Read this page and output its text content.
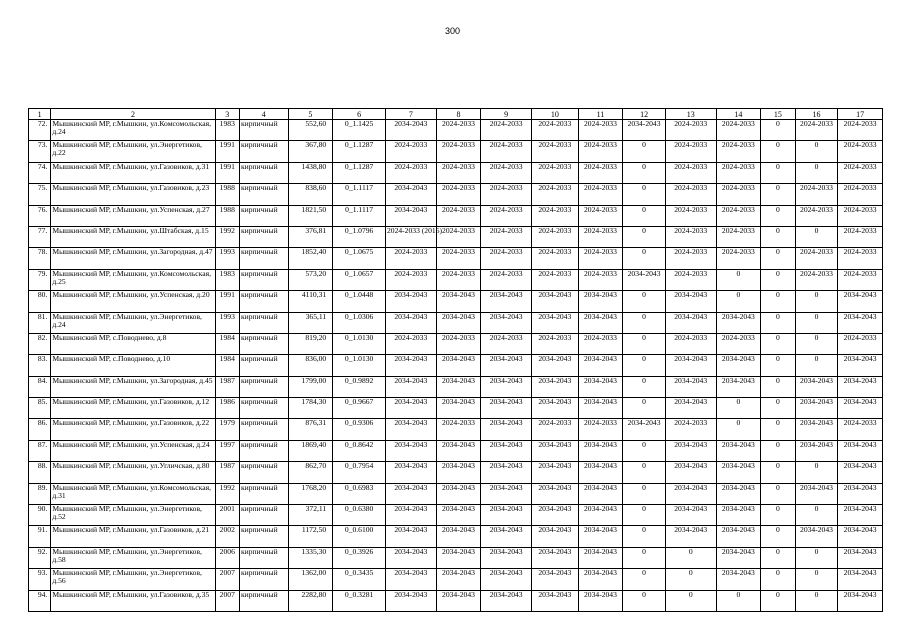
300
1	2	3	4	5	6	7	8	9	10	11	12	13	14	15	16	17
72.	Мышкинский МР, г.Мышкин, ул.Комсомольская, д.24	1983	кирпичный	552,60	0_1.1425	2034-2043	2024-2033	2024-2033	2024-2033	2024-2033	2034-2043	2024-2033	2024-2033	0	2024-2033	2024-2033
73.	Мышкинский МР, г.Мышкин, ул.Энергетиков, д.22	1991	кирпичный	367,80	0_1.1287	2024-2033	2024-2033	2024-2033	2024-2033	2024-2033	0	2024-2033	2024-2033	0	0	2024-2033
74.	Мышкинский МР, г.Мышкин, ул.Газовиков, д.31	1991	кирпичный	1438,80	0_1.1287	2024-2033	2024-2033	2024-2033	2024-2033	2024-2033	0	2024-2033	2024-2033	0	0	2024-2033
75.	Мышкинский МР, г.Мышкин, ул.Газовиков, д.23	1988	кирпичный	838,60	0_1.1117	2034-2043	2024-2033	2024-2033	2024-2033	2024-2033	0	2024-2033	2024-2033	0	2024-2033	2024-2033
76.	Мышкинский МР, г.Мышкин, ул.Успенская, д.27	1988	кирпичный	1821,50	0_1.1117	2034-2043	2024-2033	2024-2033	2024-2033	2024-2033	0	2024-2033	2024-2033	0	2024-2033	2024-2033
77.	Мышкинский МР, г.Мышкин, ул.Штабская, д.15	1992	кирпичный	376,81	0_1.0796	2024-2033 (2015)	2024-2033	2024-2033	2024-2033	2024-2033	0	2024-2033	2024-2033	0	0	2024-2033
78.	Мышкинский МР, г.Мышкин, ул.Загородная, д.47	1993	кирпичный	1852,40	0_1.0675	2024-2033	2024-2033	2024-2033	2024-2033	2024-2033	0	2024-2033	2024-2033	0	2024-2033	2024-2033
79.	Мышкинский МР, г.Мышкин, ул.Комсомольская, д.25	1983	кирпичный	573,20	0_1.0657	2024-2033	2024-2033	2024-2033	2024-2033	2024-2033	2034-2043	2024-2033	0	0	2024-2033	2024-2033
80.	Мышкинский МР, г.Мышкин, ул.Успенская, д.20	1991	кирпичный	4110,31	0_1.0448	2034-2043	2034-2043	2034-2043	2034-2043	2034-2043	0	2034-2043	0	0	0	2034-2043
81.	Мышкинский МР, г.Мышкин, ул.Энергетиков, д.24	1993	кирпичный	365,11	0_1.0306	2034-2043	2034-2043	2034-2043	2034-2043	2034-2043	0	2034-2043	2034-2043	0	0	2034-2043
82.	Мышкинский МР, с.Поводнево, д.8	1984	кирпичный	819,20	0_1.0130	2024-2033	2024-2033	2024-2033	2024-2033	2024-2033	0	2024-2033	2024-2033	0	0	2024-2033
83.	Мышкинский МР, с.Поводнево, д.10	1984	кирпичный	836,00	0_1.0130	2034-2043	2034-2043	2034-2043	2034-2043	2034-2043	0	2034-2043	2034-2043	0	0	2034-2043
84.	Мышкинский МР, г.Мышкин, ул.Загородная, д.45	1987	кирпичный	1799,00	0_0.9892	2034-2043	2034-2043	2034-2043	2034-2043	2034-2043	0	2034-2043	2034-2043	0	2034-2043	2034-2043
85.	Мышкинский МР, г.Мышкин, ул.Газовиков, д.12	1986	кирпичный	1784,30	0_0.9667	2034-2043	2034-2043	2034-2043	2034-2043	2034-2043	0	2034-2043	0	0	2034-2043	2034-2043
86.	Мышкинский МР, г.Мышкин, ул.Газовиков, д.22	1979	кирпичный	876,31	0_0.9306	2034-2043	2024-2033	2034-2043	2024-2033	2024-2033	2034-2043	2024-2033	0	0	2034-2043	2024-2033
87.	Мышкинский МР, г.Мышкин, ул.Успенская, д.24	1997	кирпичный	1869,40	0_0.8642	2034-2043	2034-2043	2034-2043	2034-2043	2034-2043	0	2034-2043	2034-2043	0	2034-2043	2034-2043
88.	Мышкинский МР, г.Мышкин, ул.Угличская, д.80	1987	кирпичный	862,70	0_0.7954	2034-2043	2034-2043	2034-2043	2034-2043	2034-2043	0	2034-2043	2034-2043	0	0	2034-2043
89.	Мышкинский МР, г.Мышкин, ул.Комсомольская, д.31	1992	кирпичный	1768,20	0_0.6983	2034-2043	2034-2043	2034-2043	2034-2043	2034-2043	0	2034-2043	2034-2043	0	2034-2043	2034-2043
90.	Мышкинский МР, г.Мышкин, ул.Энергетиков, д.52	2001	кирпичный	372,11	0_0.6380	2034-2043	2034-2043	2034-2043	2034-2043	2034-2043	0	2034-2043	2034-2043	0	0	2034-2043
91.	Мышкинский МР, г.Мышкин, ул.Газовиков, д.21	2002	кирпичный	1172,50	0_0.6100	2034-2043	2034-2043	2034-2043	2034-2043	2034-2043	0	2034-2043	2034-2043	0	2034-2043	2034-2043
92.	Мышкинский МР, г.Мышкин, ул.Энергетиков, д.58	2006	кирпичный	1335,30	0_0.3926	2034-2043	2034-2043	2034-2043	2034-2043	2034-2043	0	0	2034-2043	0	0	2034-2043
93.	Мышкинский МР, г.Мышкин, ул.Энергетиков, д.56	2007	кирпичный	1362,00	0_0.3435	2034-2043	2034-2043	2034-2043	2034-2043	2034-2043	0	0	2034-2043	0	0	2034-2043
94.	Мышкинский МР, г.Мышкин, ул.Газовиков, д.35	2007	кирпичный	2282,80	0_0.3281	2034-2043	2034-2043	2034-2043	2034-2043	2034-2043	0	0	0	0	0	2034-2043
